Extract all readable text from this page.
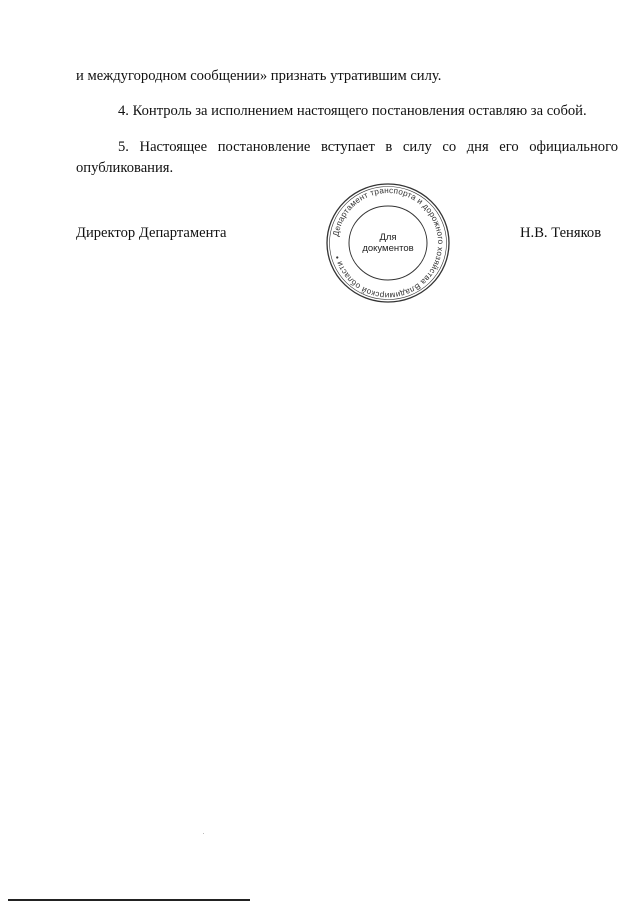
и междугородном сообщении» признать утратившим силу.

4. Контроль за исполнением настоящего постановления оставляю за собой.

5. Настоящее постановление вступает в силу со дня его официального опубликования.

Директор Департамента	Департамент транспорта и дорожного хозяйства Владимирской области •
Для
документов
Н.В. Теняков
